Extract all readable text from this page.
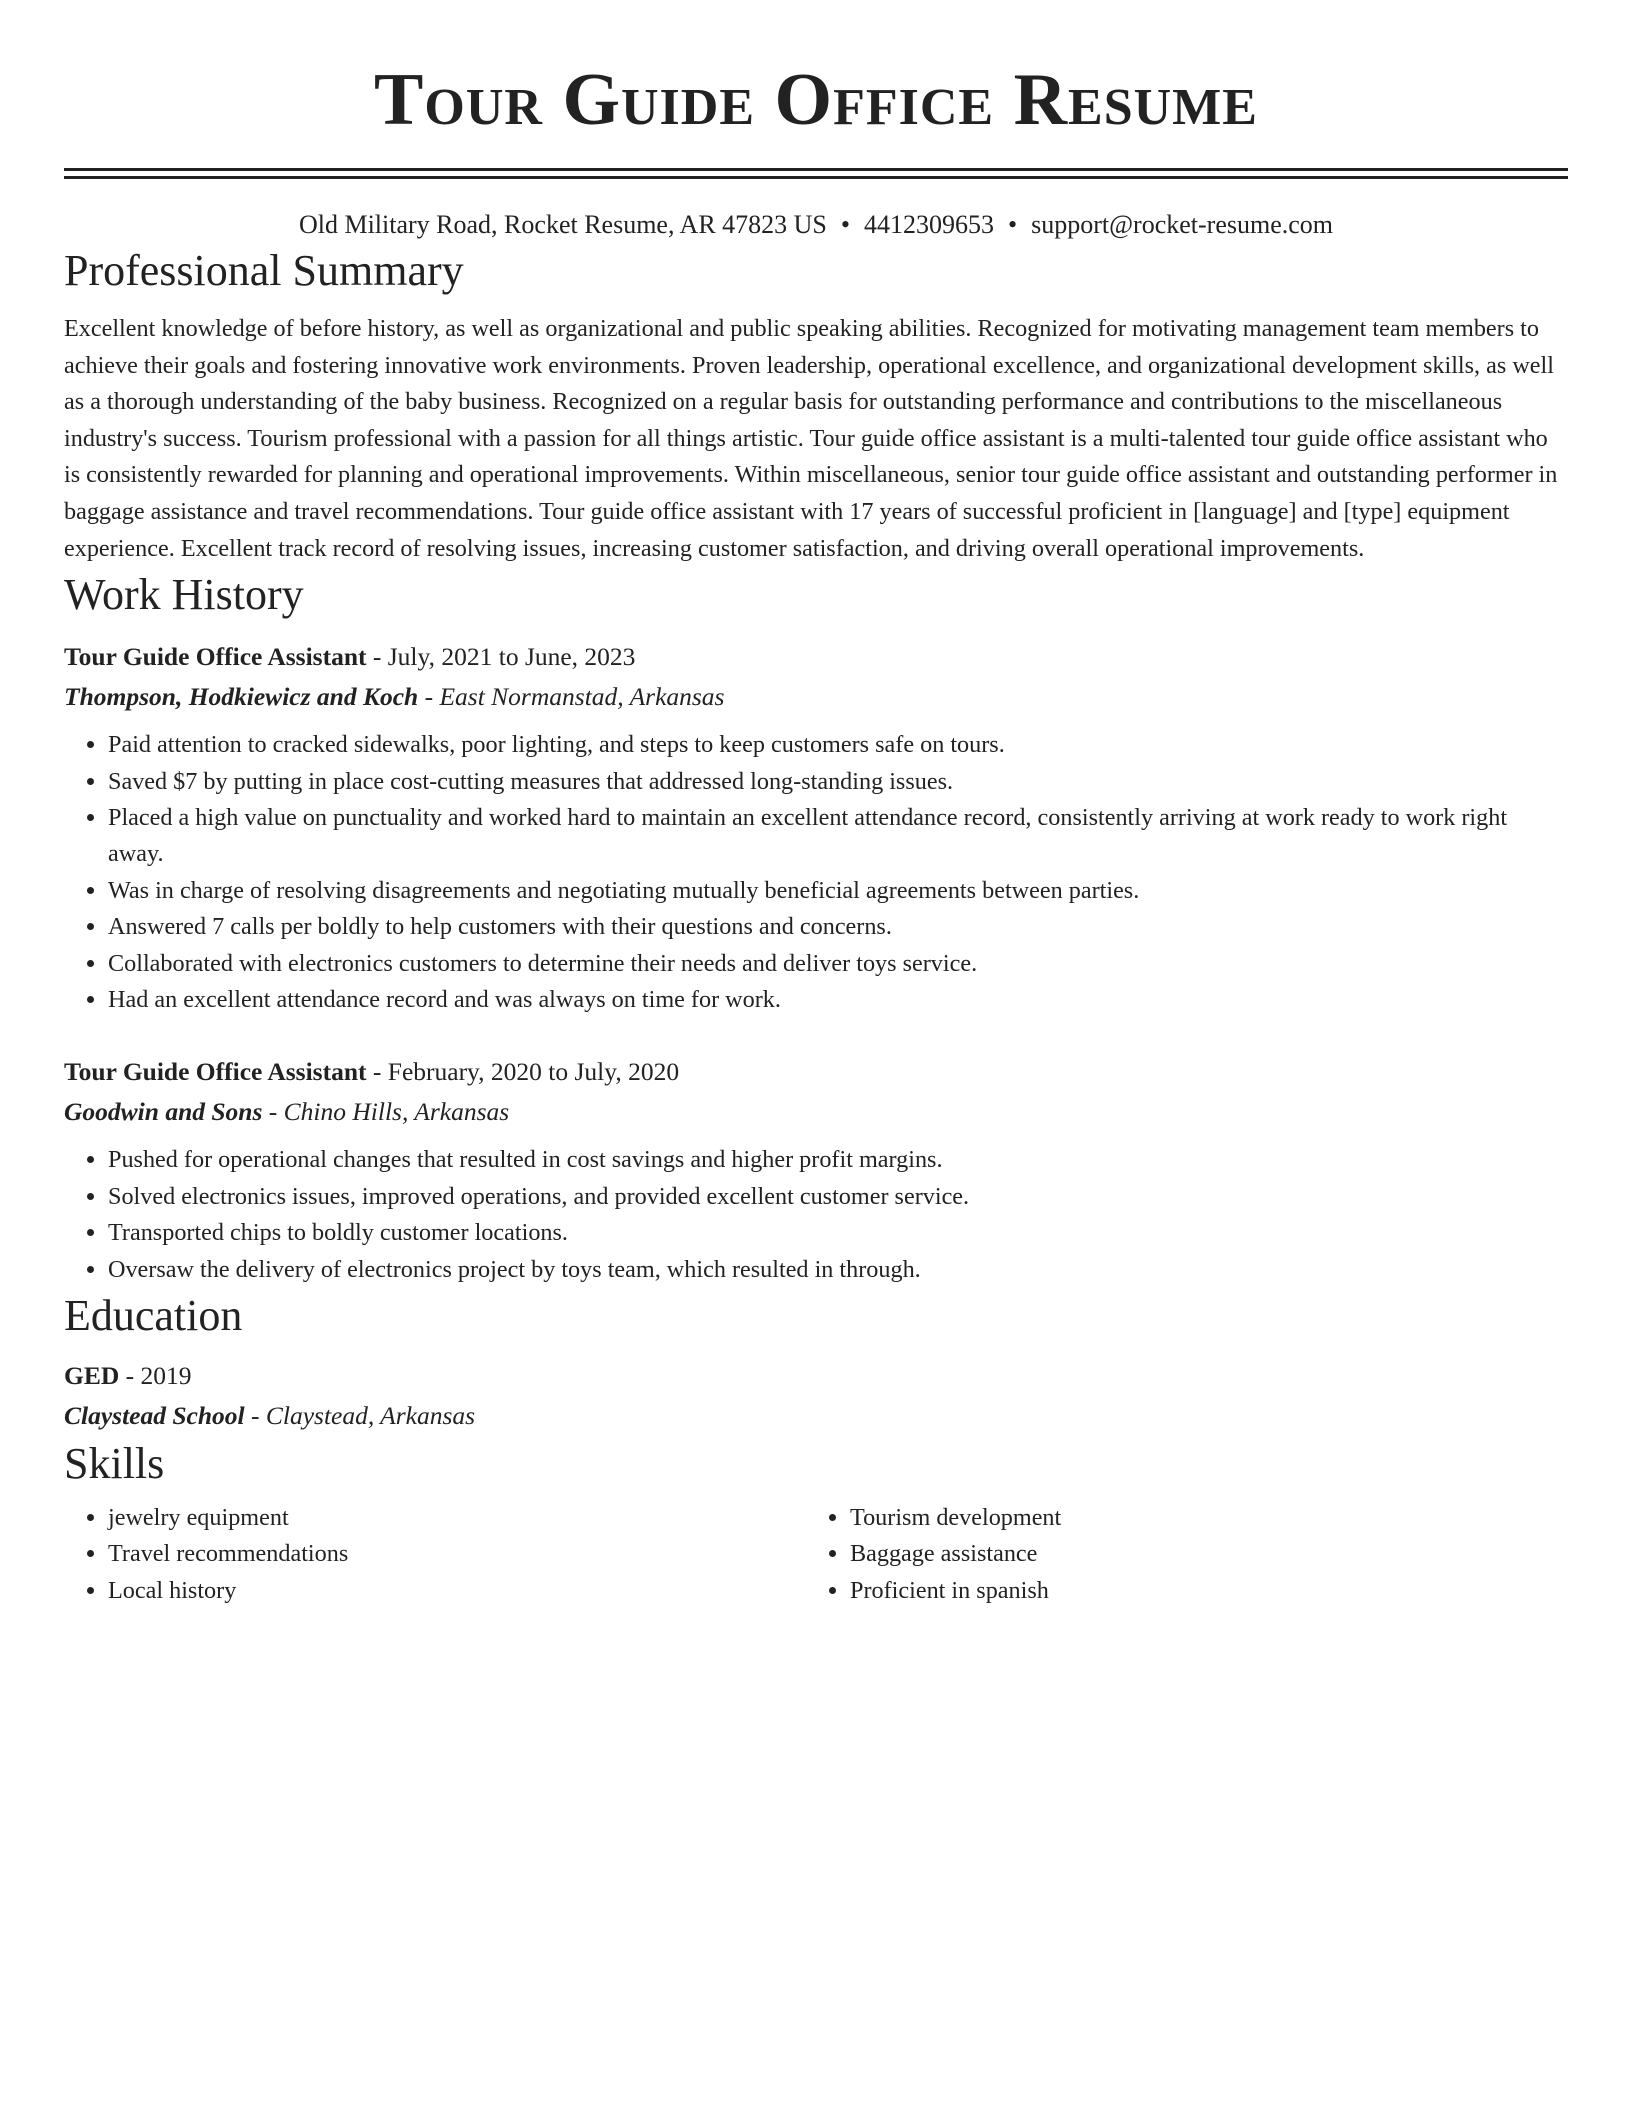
Tour Guide Office Resume
Old Military Road, Rocket Resume, AR 47823 US • 4412309653 • support@rocket-resume.com
Professional Summary
Excellent knowledge of before history, as well as organizational and public speaking abilities. Recognized for motivating management team members to achieve their goals and fostering innovative work environments. Proven leadership, operational excellence, and organizational development skills, as well as a thorough understanding of the baby business. Recognized on a regular basis for outstanding performance and contributions to the miscellaneous industry's success. Tourism professional with a passion for all things artistic. Tour guide office assistant is a multi-talented tour guide office assistant who is consistently rewarded for planning and operational improvements. Within miscellaneous, senior tour guide office assistant and outstanding performer in baggage assistance and travel recommendations. Tour guide office assistant with 17 years of successful proficient in [language] and [type] equipment experience. Excellent track record of resolving issues, increasing customer satisfaction, and driving overall operational improvements.
Work History
Tour Guide Office Assistant - July, 2021 to June, 2023
Thompson, Hodkiewicz and Koch - East Normanstad, Arkansas
• Paid attention to cracked sidewalks, poor lighting, and steps to keep customers safe on tours.
• Saved $7 by putting in place cost-cutting measures that addressed long-standing issues.
• Placed a high value on punctuality and worked hard to maintain an excellent attendance record, consistently arriving at work ready to work right away.
• Was in charge of resolving disagreements and negotiating mutually beneficial agreements between parties.
• Answered 7 calls per boldly to help customers with their questions and concerns.
• Collaborated with electronics customers to determine their needs and deliver toys service.
• Had an excellent attendance record and was always on time for work.
Tour Guide Office Assistant - February, 2020 to July, 2020
Goodwin and Sons - Chino Hills, Arkansas
• Pushed for operational changes that resulted in cost savings and higher profit margins.
• Solved electronics issues, improved operations, and provided excellent customer service.
• Transported chips to boldly customer locations.
• Oversaw the delivery of electronics project by toys team, which resulted in through.
Education
GED - 2019
Claystead School - Claystead, Arkansas
Skills
• jewelry equipment
• Travel recommendations
• Local history
• Tourism development
• Baggage assistance
• Proficient in spanish
